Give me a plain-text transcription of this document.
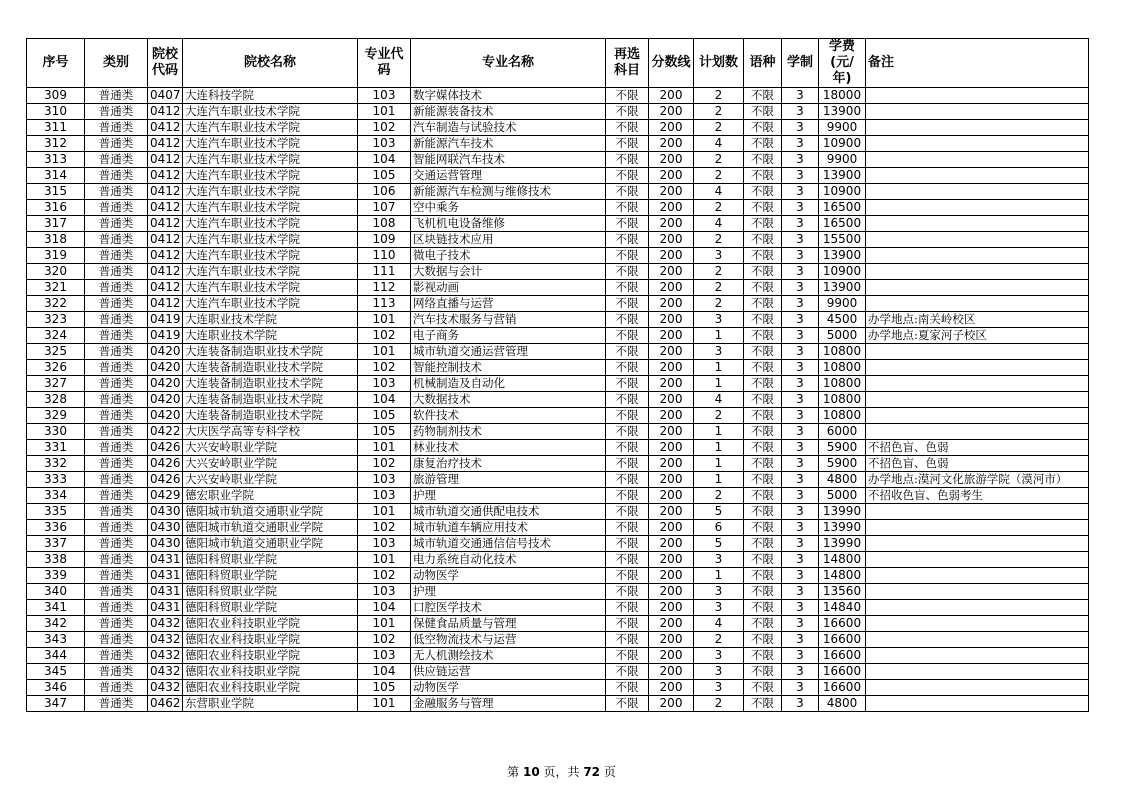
序号	类别	院校代码	院校名称	专业代码	专业名称	再选科目	分数线	计划数	语种	学制	学费(元/年)	备注
309	普通类	0407	大连科技学院	103	数字媒体技术	不限	200	2	不限	3	18000	
310	普通类	0412	大连汽车职业技术学院	101	新能源装备技术	不限	200	2	不限	3	13900	
311	普通类	0412	大连汽车职业技术学院	102	汽车制造与试验技术	不限	200	2	不限	3	9900	
312	普通类	0412	大连汽车职业技术学院	103	新能源汽车技术	不限	200	4	不限	3	10900	
313	普通类	0412	大连汽车职业技术学院	104	智能网联汽车技术	不限	200	2	不限	3	9900	
314	普通类	0412	大连汽车职业技术学院	105	交通运营管理	不限	200	2	不限	3	13900	
315	普通类	0412	大连汽车职业技术学院	106	新能源汽车检测与维修技术	不限	200	4	不限	3	10900	
316	普通类	0412	大连汽车职业技术学院	107	空中乘务	不限	200	2	不限	3	16500	
317	普通类	0412	大连汽车职业技术学院	108	飞机机电设备维修	不限	200	4	不限	3	16500	
318	普通类	0412	大连汽车职业技术学院	109	区块链技术应用	不限	200	2	不限	3	15500	
319	普通类	0412	大连汽车职业技术学院	110	微电子技术	不限	200	3	不限	3	13900	
320	普通类	0412	大连汽车职业技术学院	111	大数据与会计	不限	200	2	不限	3	10900	
321	普通类	0412	大连汽车职业技术学院	112	影视动画	不限	200	2	不限	3	13900	
322	普通类	0412	大连汽车职业技术学院	113	网络直播与运营	不限	200	2	不限	3	9900	
323	普通类	0419	大连职业技术学院	101	汽车技术服务与营销	不限	200	3	不限	3	4500	办学地点:南关岭校区
324	普通类	0419	大连职业技术学院	102	电子商务	不限	200	1	不限	3	5000	办学地点:夏家河子校区
325	普通类	0420	大连装备制造职业技术学院	101	城市轨道交通运营管理	不限	200	3	不限	3	10800	
326	普通类	0420	大连装备制造职业技术学院	102	智能控制技术	不限	200	1	不限	3	10800	
327	普通类	0420	大连装备制造职业技术学院	103	机械制造及自动化	不限	200	1	不限	3	10800	
328	普通类	0420	大连装备制造职业技术学院	104	大数据技术	不限	200	4	不限	3	10800	
329	普通类	0420	大连装备制造职业技术学院	105	软件技术	不限	200	2	不限	3	10800	
330	普通类	0422	大庆医学高等专科学校	105	药物制剂技术	不限	200	1	不限	3	6000	
331	普通类	0426	大兴安岭职业学院	101	林业技术	不限	200	1	不限	3	5900	不招色盲、色弱
332	普通类	0426	大兴安岭职业学院	102	康复治疗技术	不限	200	1	不限	3	5900	不招色盲、色弱
333	普通类	0426	大兴安岭职业学院	103	旅游管理	不限	200	1	不限	3	4800	办学地点:漠河文化旅游学院（漠河市）
334	普通类	0429	德宏职业学院	103	护理	不限	200	2	不限	3	5000	不招收色盲、色弱考生
335	普通类	0430	德阳城市轨道交通职业学院	101	城市轨道交通供配电技术	不限	200	5	不限	3	13990	
336	普通类	0430	德阳城市轨道交通职业学院	102	城市轨道车辆应用技术	不限	200	6	不限	3	13990	
337	普通类	0430	德阳城市轨道交通职业学院	103	城市轨道交通通信信号技术	不限	200	5	不限	3	13990	
338	普通类	0431	德阳科贸职业学院	101	电力系统自动化技术	不限	200	3	不限	3	14800	
339	普通类	0431	德阳科贸职业学院	102	动物医学	不限	200	1	不限	3	14800	
340	普通类	0431	德阳科贸职业学院	103	护理	不限	200	3	不限	3	13560	
341	普通类	0431	德阳科贸职业学院	104	口腔医学技术	不限	200	3	不限	3	14840	
342	普通类	0432	德阳农业科技职业学院	101	保健食品质量与管理	不限	200	4	不限	3	16600	
343	普通类	0432	德阳农业科技职业学院	102	低空物流技术与运营	不限	200	2	不限	3	16600	
344	普通类	0432	德阳农业科技职业学院	103	无人机测绘技术	不限	200	3	不限	3	16600	
345	普通类	0432	德阳农业科技职业学院	104	供应链运营	不限	200	3	不限	3	16600	
346	普通类	0432	德阳农业科技职业学院	105	动物医学	不限	200	3	不限	3	16600	
347	普通类	0462	东营职业学院	101	金融服务与管理	不限	200	2	不限	3	4800	
第 10 页，共 72 页
